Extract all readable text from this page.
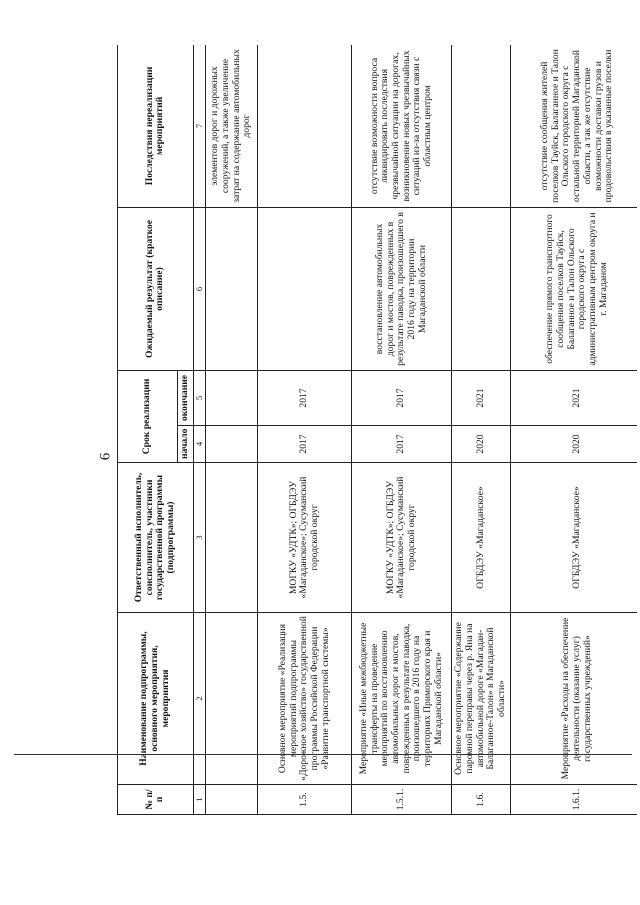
6
№ п/п	Наименование подпрограммы, основного мероприятия, мероприятия	Ответственный исполнитель, соисполнитель, участники государственной программы (подпрограммы)	Срок реализации		Ожидаемый результат (краткое описание)	Последствия нереализации мероприятий
			начало	окончание		
1	2	3	4	5	6	7
						элементов дорог и дорожных сооружений, а также увеличение затрат на содержание автомобильных дорог
1.5.	Основное мероприятие «Реализация мероприятий подпрограммы «Дорожное хозяйство» государственной программы Российской Федерации «Развитие транспортной системы»	МОГКУ «УДТК»; ОГБДЭУ «Магаданское»; Сусуманский городской округ	2017	2017		
1.5.1.	Мероприятие «Иные межбюджетные трансферты на проведение мероприятий по восстановлению автомобильных дорог и мостов, поврежденных в результате паводка, произошедшего в 2016 году на территориях Приморского края и Магаданской области»	МОГКУ «УДТК»; ОГБДЭУ «Магаданское»; Сусуманский городской округ	2017	2017	восстановление автомобильных дорог и мостов, поврежденных в результате паводка, произошедшего в 2016 году на территории Магаданской области	отсутствие возможности вопроса ликвидировать последствия чрезвычайной ситуации на дорогах, возникновение новых чрезвычайных ситуаций из-за отсутствия связи с областным центром
1.6.	Основное мероприятие «Содержание паромной переправы через р. Яна на автомобильной дороге «Магадан-Балаганное-Талон» в Магаданской области»	ОГБДЭУ «Магаданское»	2020	2021		
1.6.1.	Мероприятие «Расходы на обеспечение деятельности (оказание услуг) государственных учреждений»	ОГБДЭУ «Магаданское»	2020	2021	обеспечение прямого транспортного сообщения поселков Тауйск, Балаганное и Талон Ольского городского округа с административным центром округа и г. Магаданом	отсутствие сообщения жителей поселков Тауйск, Балаганное и Талон Ольского городского округа с остальной территорией Магаданской области, а так же отсутствие возможности доставки грузов и продовольствия в указанные поселки
